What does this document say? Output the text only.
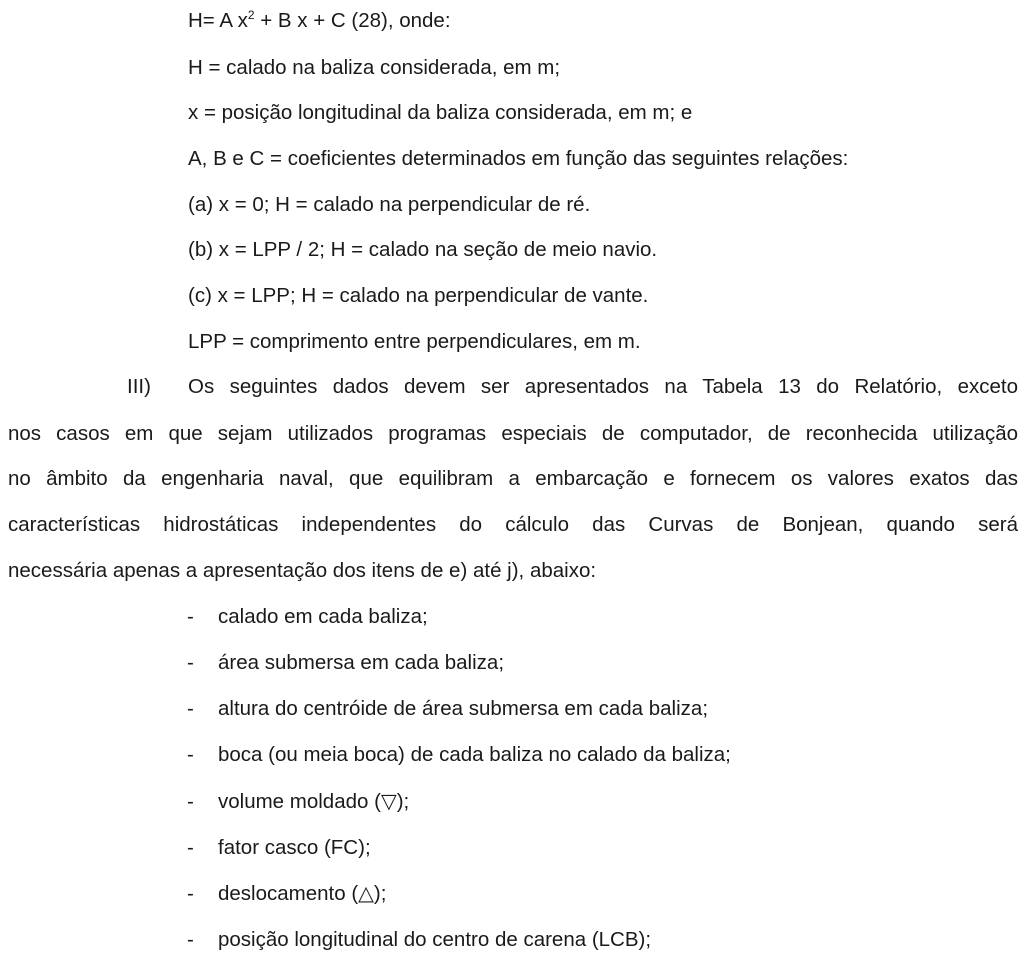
H= A $x^2 + B$ x + C (28), onde:
H = calado na baliza considerada, em m;
x = posição longitudinal da baliza considerada, em m; e
A, B e C = coeficientes determinados em função das seguintes relações:
(a) x = 0; H = calado na perpendicular de ré.
(b) x = LPP / 2; H = calado na seção de meio navio.
(c) x = LPP; H = calado na perpendicular de vante.
LPP = comprimento entre perpendiculares, em m.
III) Os seguintes dados devem ser apresentados na Tabela 13 do Relatório, exceto
nos casos em que sejam utilizados programas especiais de computador, de reconhecida utilização
no âmbito da engenharia naval, que equilibram a embarcação e fornecem os valores exatos das
características hidrostáticas independentes do cálculo das Curvas de Bonjean, quando será
necessária apenas a apresentação dos itens de e) até j), abaixo:
- calado em cada baliza;
- área submersa em cada baliza;
- altura do centróide de área submersa em cada baliza;
- boca (ou meia boca) de cada baliza no calado da baliza;
- volume moldado (▽);
- fator casco (FC);
- deslocamento (△);
- posição longitudinal do centro de carena (LCB);
